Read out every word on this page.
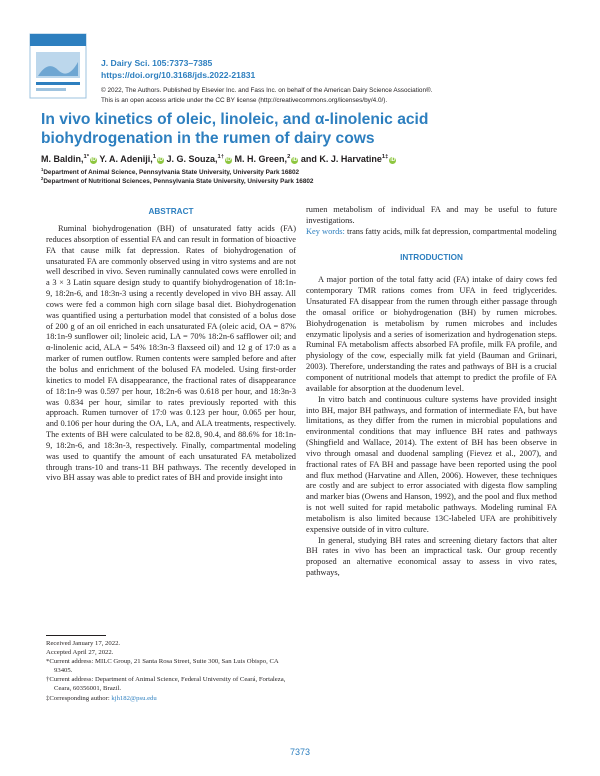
J. Dairy Sci. 105:7373–7385
https://doi.org/10.3168/jds.2022-21831
© 2022, The Authors. Published by Elsevier Inc. and Fass Inc. on behalf of the American Dairy Science Association®.
This is an open access article under the CC BY license (http://creativecommons.org/licenses/by/4.0/).
In vivo kinetics of oleic, linoleic, and α-linolenic acid biohydrogenation in the rumen of dairy cows
M. Baldin,$^{1*}$ iD Y. A. Adeniji,$^1$ iD J. G. Souza,$^{1\dagger}$ iD M. H. Green,$^2$ iD and K. J. Harvatine$^{1\ddagger}$ iD
$^1$Department of Animal Science, Pennsylvania State University, University Park 16802
$^2$Department of Nutritional Sciences, Pennsylvania State University, University Park 16802
ABSTRACT

Ruminal biohydrogenation (BH) of unsaturated fatty acids (FA) reduces absorption of essential FA and can result in formation of bioactive FA that cause milk fat depression. Rates of biohydrogenation of unsaturated FA are commonly observed using in vitro systems and are not well described in vivo. Seven ruminally cannulated cows were enrolled in a 3 × 3 Latin square design study to quantify biohydrogenation of 18:1n-9, 18:2n-6, and 18:3n-3 using a recently developed in vivo BH assay. All cows were fed a common high corn silage basal diet. Biohydrogenation was quantified using a perturbation model that consisted of a bolus dose of 200 g of an oil enriched in each unsaturated FA (oleic acid, OA = 87% 18:1n-9 sunflower oil; linoleic acid, LA = 70% 18:2n-6 safflower oil; and α-linolenic acid, ALA = 54% 18:3n-3 flaxseed oil) and 12 g of 17:0 as a marker of rumen outflow. Rumen contents were sampled before and after the bolus and enrichment of the bolused FA modeled. Using first-order kinetics to model FA disappearance, the fractional rates of disappearance of 18:1n-9 was 0.597 per hour, 18:2n-6 was 0.618 per hour, and 18:3n-3 was 0.834 per hour, similar to rates previously reported with this approach. Rumen turnover of 17:0 was 0.123 per hour, 0.065 per hour, and 0.106 per hour during the OA, LA, and ALA treatments, respectively. The extents of BH were calculated to be 82.8, 90.4, and 88.6% for 18:1n-9, 18:2n-6, and 18:3n-3, respectively. Finally, compartmental modeling was used to quantify the amount of each unsaturated FA metabolized through trans-10 and trans-11 BH pathways. The recently developed in vivo BH assay was able to predict rates of BH and provide insight into

Received January 17, 2022.
Accepted April 27, 2022.
*Current address: MILC Group, 21 Santa Rosa Street, Suite 300, San Luis Obispo, CA 93405.
†Current address: Department of Animal Science, Federal University of Ceará, Fortaleza, Ceara, 60356001, Brazil.
‡Corresponding author: kjh182@psu.edu

rumen metabolism of individual FA and may be useful to future investigations.

Key words: trans fatty acids, milk fat depression, compartmental modeling

INTRODUCTION

A major portion of the total fatty acid (FA) intake of dairy cows fed contemporary TMR rations comes from UFA in feed triglycerides. Unsaturated FA disappear from the rumen through either passage through the omasal orifice or biohydrogenation (BH) by rumen microbes. Biohydrogenation is metabolism by rumen microbes and includes enzymatic lipolysis and a series of isomerization and hydrogenation steps. Ruminal FA metabolism affects absorbed FA profile, milk FA profile, and physiology of the cow, especially milk fat yield (Bauman and Griinari, 2003). Therefore, understanding the rates and pathways of BH is a crucial component of nutritional models that attempt to predict the profile of FA available for absorption at the duodenum level.

In vitro batch and continuous culture systems have provided insight into BH, major BH pathways, and formation of intermediate FA, but have limitations, as they differ from the rumen in microbial populations and environmental conditions that may influence BH rates and pathways (Shingfield and Wallace, 2014). The extent of BH has been observe in vivo through omasal and duodenal sampling (Fievez et al., 2007), and fractional rates of FA BH and passage have been reported using the pool and flux method (Harvatine and Allen, 2006). However, these techniques are costly and are subject to error associated with digesta flow sampling and marker bias (Owens and Hanson, 1992), and the pool and flux method is not well suited for rapid metabolic pathways. Modeling ruminal FA metabolism is also limited because 13C-labeled UFA are prohibitively expensive outside of in vitro culture.

In general, studying BH rates and screening dietary factors that alter BH rates in vivo has been an impractical task. Our group recently proposed an alternative economical assay to assess in vivo rates, pathways,

7373
